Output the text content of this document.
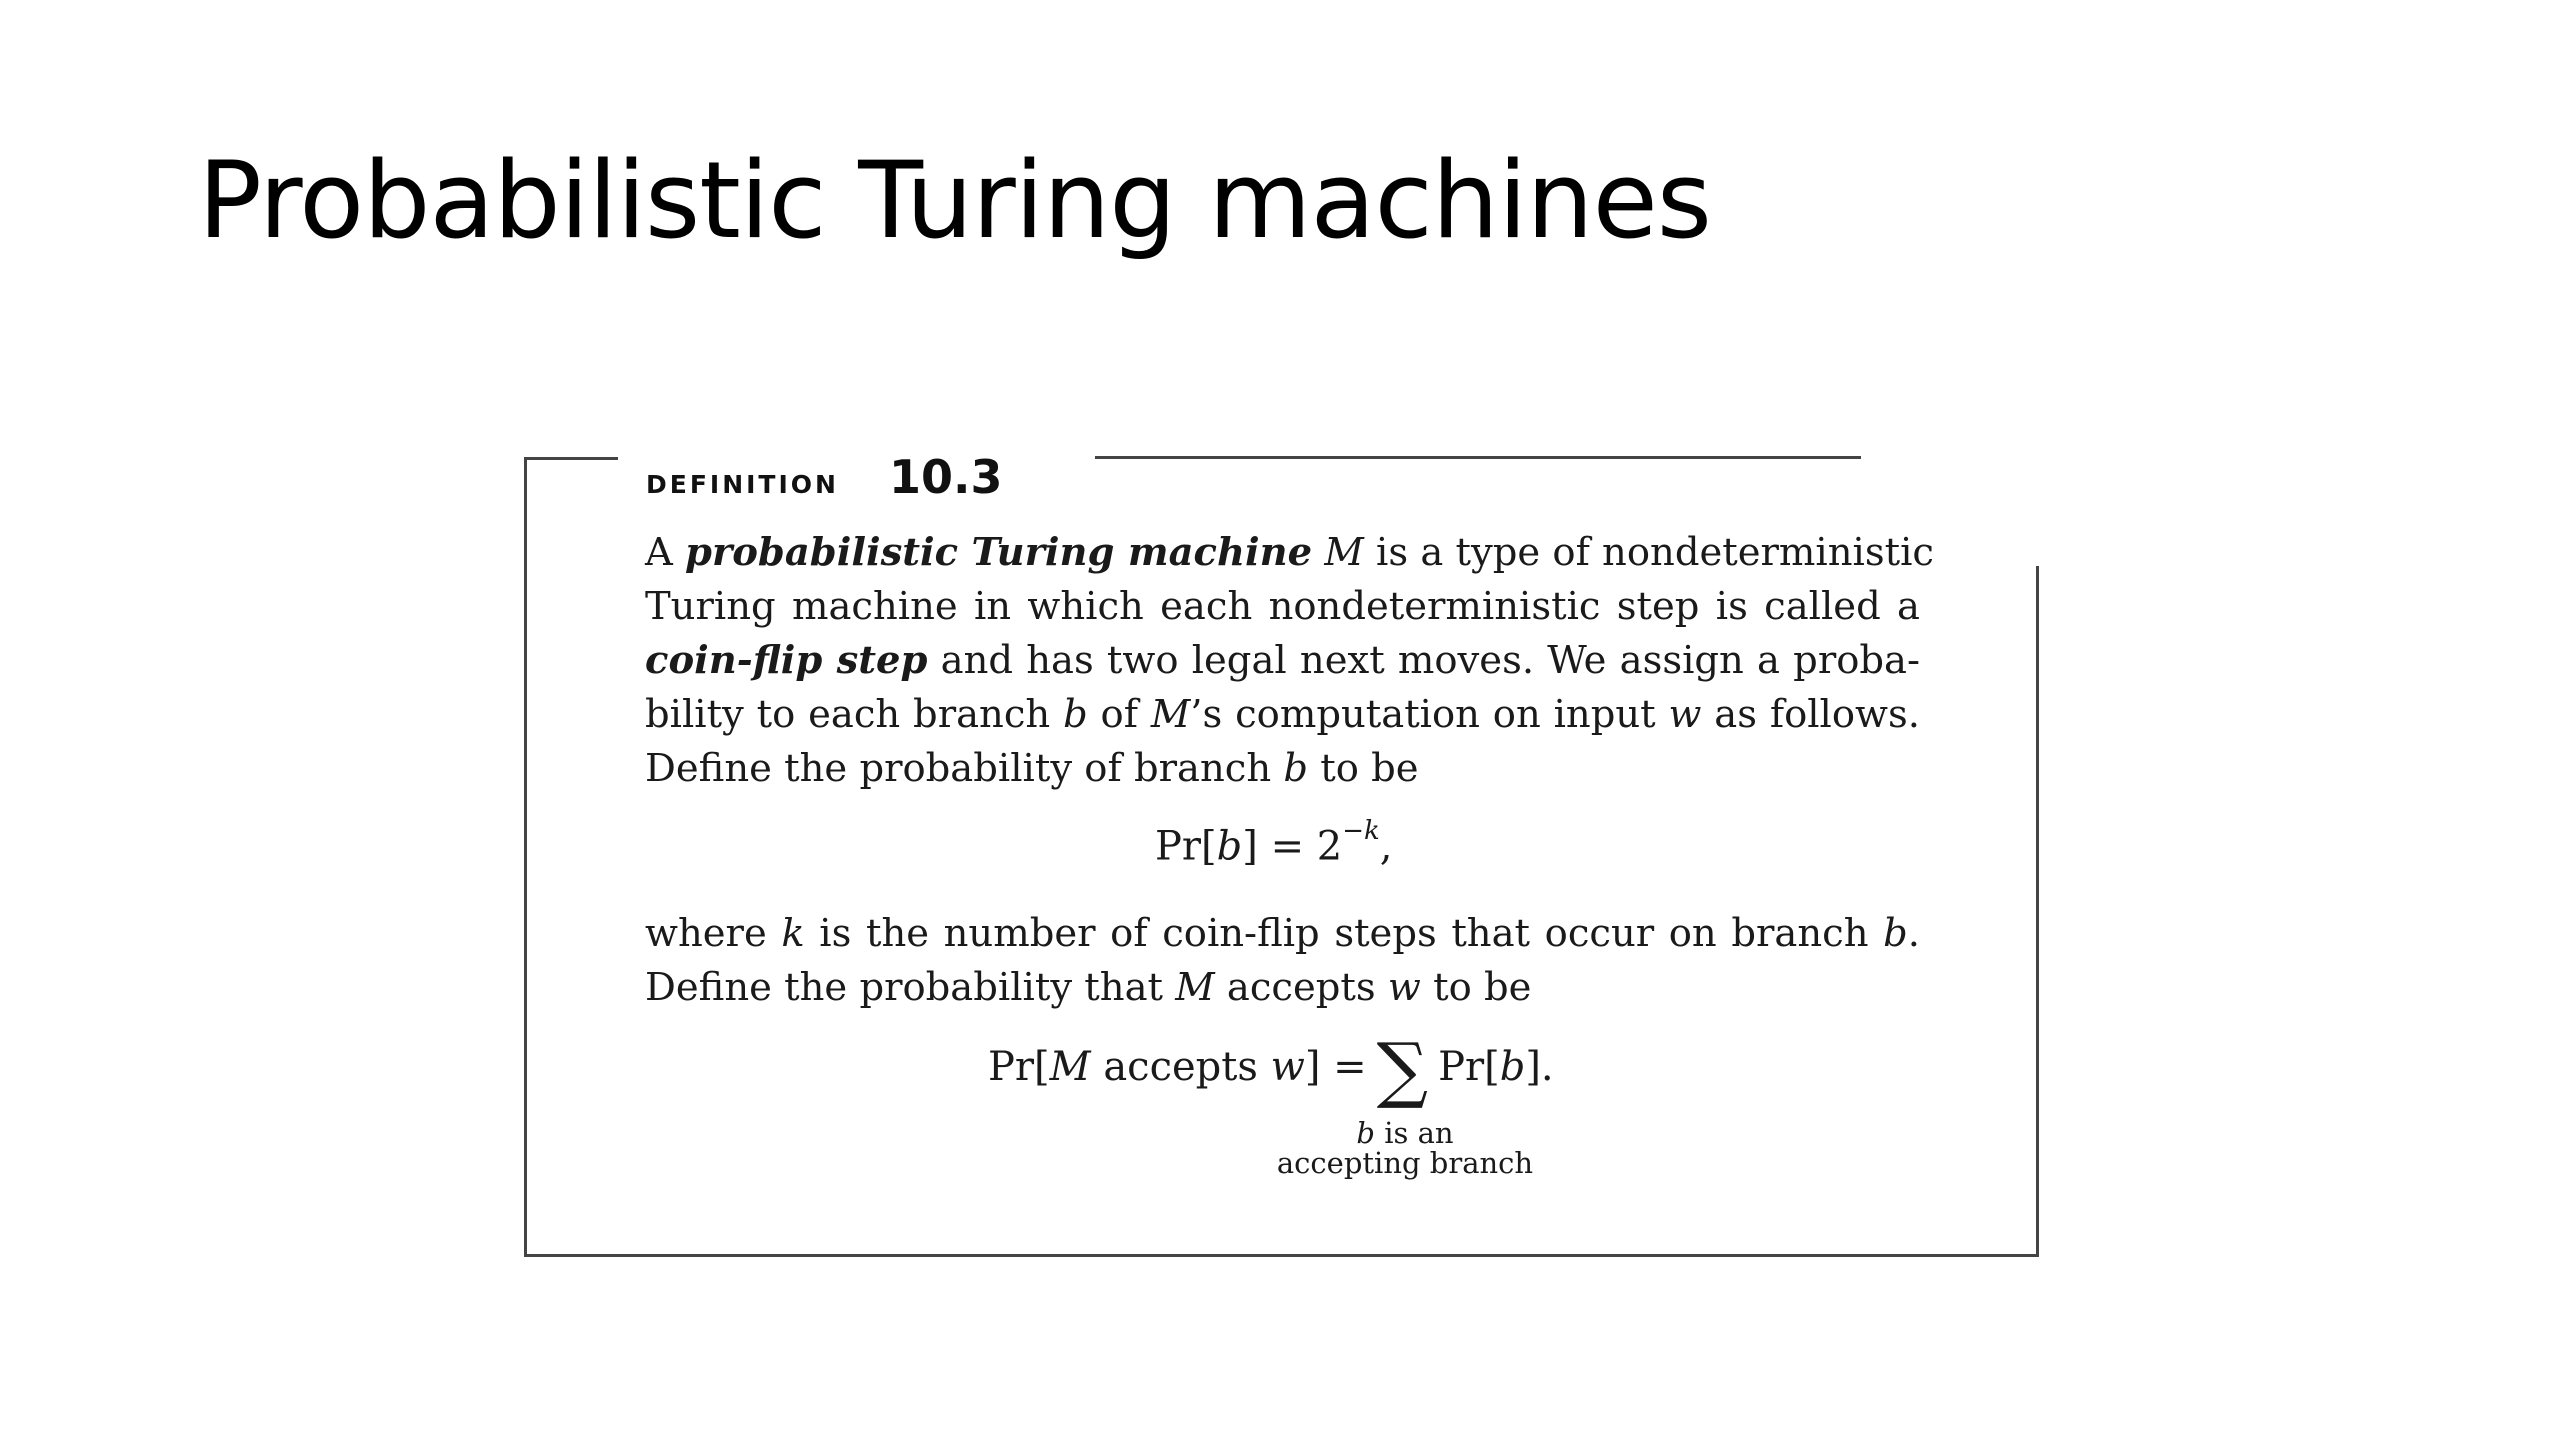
Probabilistic Turing machines
definition 10.3
A probabilistic Turing machine M is a type of nondeterministic
Turing machine in which each nondeterministic step is called a
coin-flip step and has two legal next moves. We assign a proba-
bility to each branch b of M’s computation on input w as follows.
Define the probability of branch b to be
$Pr[b] = 2^{-k}$,
where k is the number of coin-flip steps that occur on branch b.
Define the probability that M accepts w to be
Pr[M accepts w] = ∑ Pr[b].
b is an
accepting branch
